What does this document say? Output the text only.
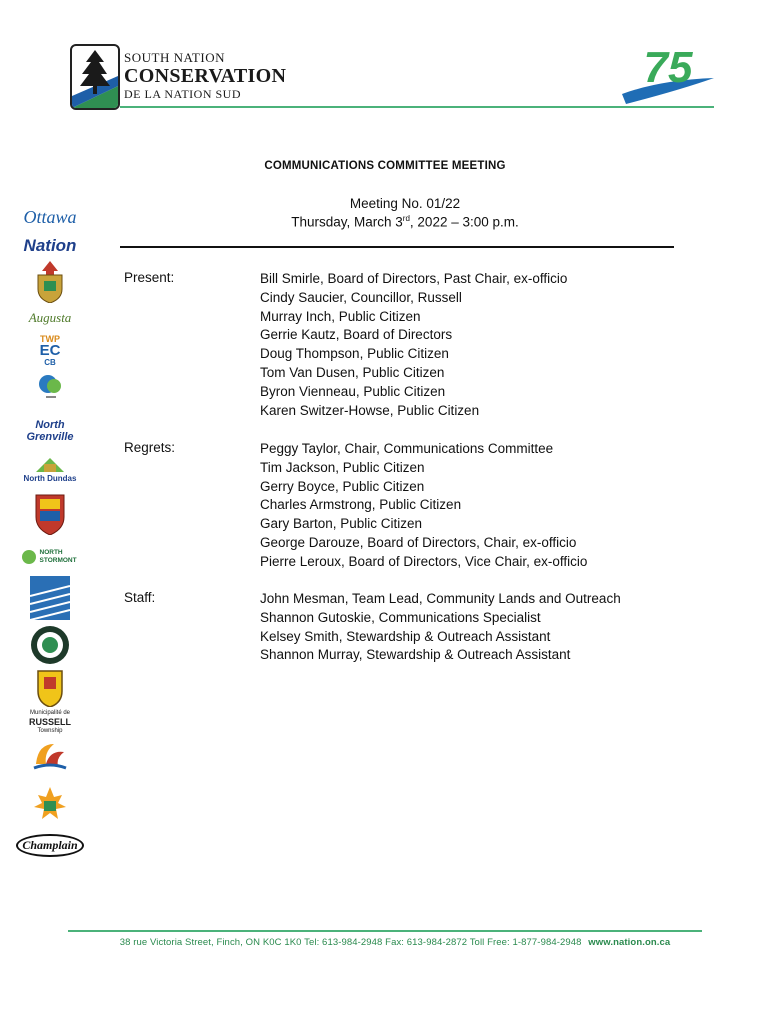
SOUTH NATION
CONSERVATION
DE LA NATION SUD
75
1947-2022
COMMUNICATIONS COMMITTEE MEETING
Meeting No. 01/22
Thursday, March 3rd, 2022 – 3:00 p.m.
Present:	Bill Smirle, Board of Directors, Past Chair, ex-officio
Cindy Saucier, Councillor, Russell
Murray Inch, Public Citizen
Gerrie Kautz, Board of Directors
Doug Thompson, Public Citizen
Tom Van Dusen, Public Citizen
Byron Vienneau, Public Citizen
Karen Switzer-Howse, Public Citizen
Regrets:	Peggy Taylor, Chair, Communications Committee
Tim Jackson, Public Citizen
Gerry Boyce, Public Citizen
Charles Armstrong, Public Citizen
Gary Barton, Public Citizen
George Darouze, Board of Directors, Chair, ex-officio
Pierre Leroux, Board of Directors, Vice Chair, ex-officio
Staff:	John Mesman, Team Lead, Community Lands and Outreach
Shannon Gutoskie, Communications Specialist
Kelsey Smith, Stewardship & Outreach Assistant
Shannon Murray, Stewardship & Outreach Assistant
Ottawa
Nation
Augusta
TWP
EC
CB
North
Grenville
North Dundas
NORTH STORMONT
Municipalité de
RUSSELL
Township
Champlain
38 rue Victoria Street, Finch, ON K0C 1K0 Tel: 613-984-2948 Fax: 613-984-2872 Toll Free: 1-877-984-2948 www.nation.on.ca
